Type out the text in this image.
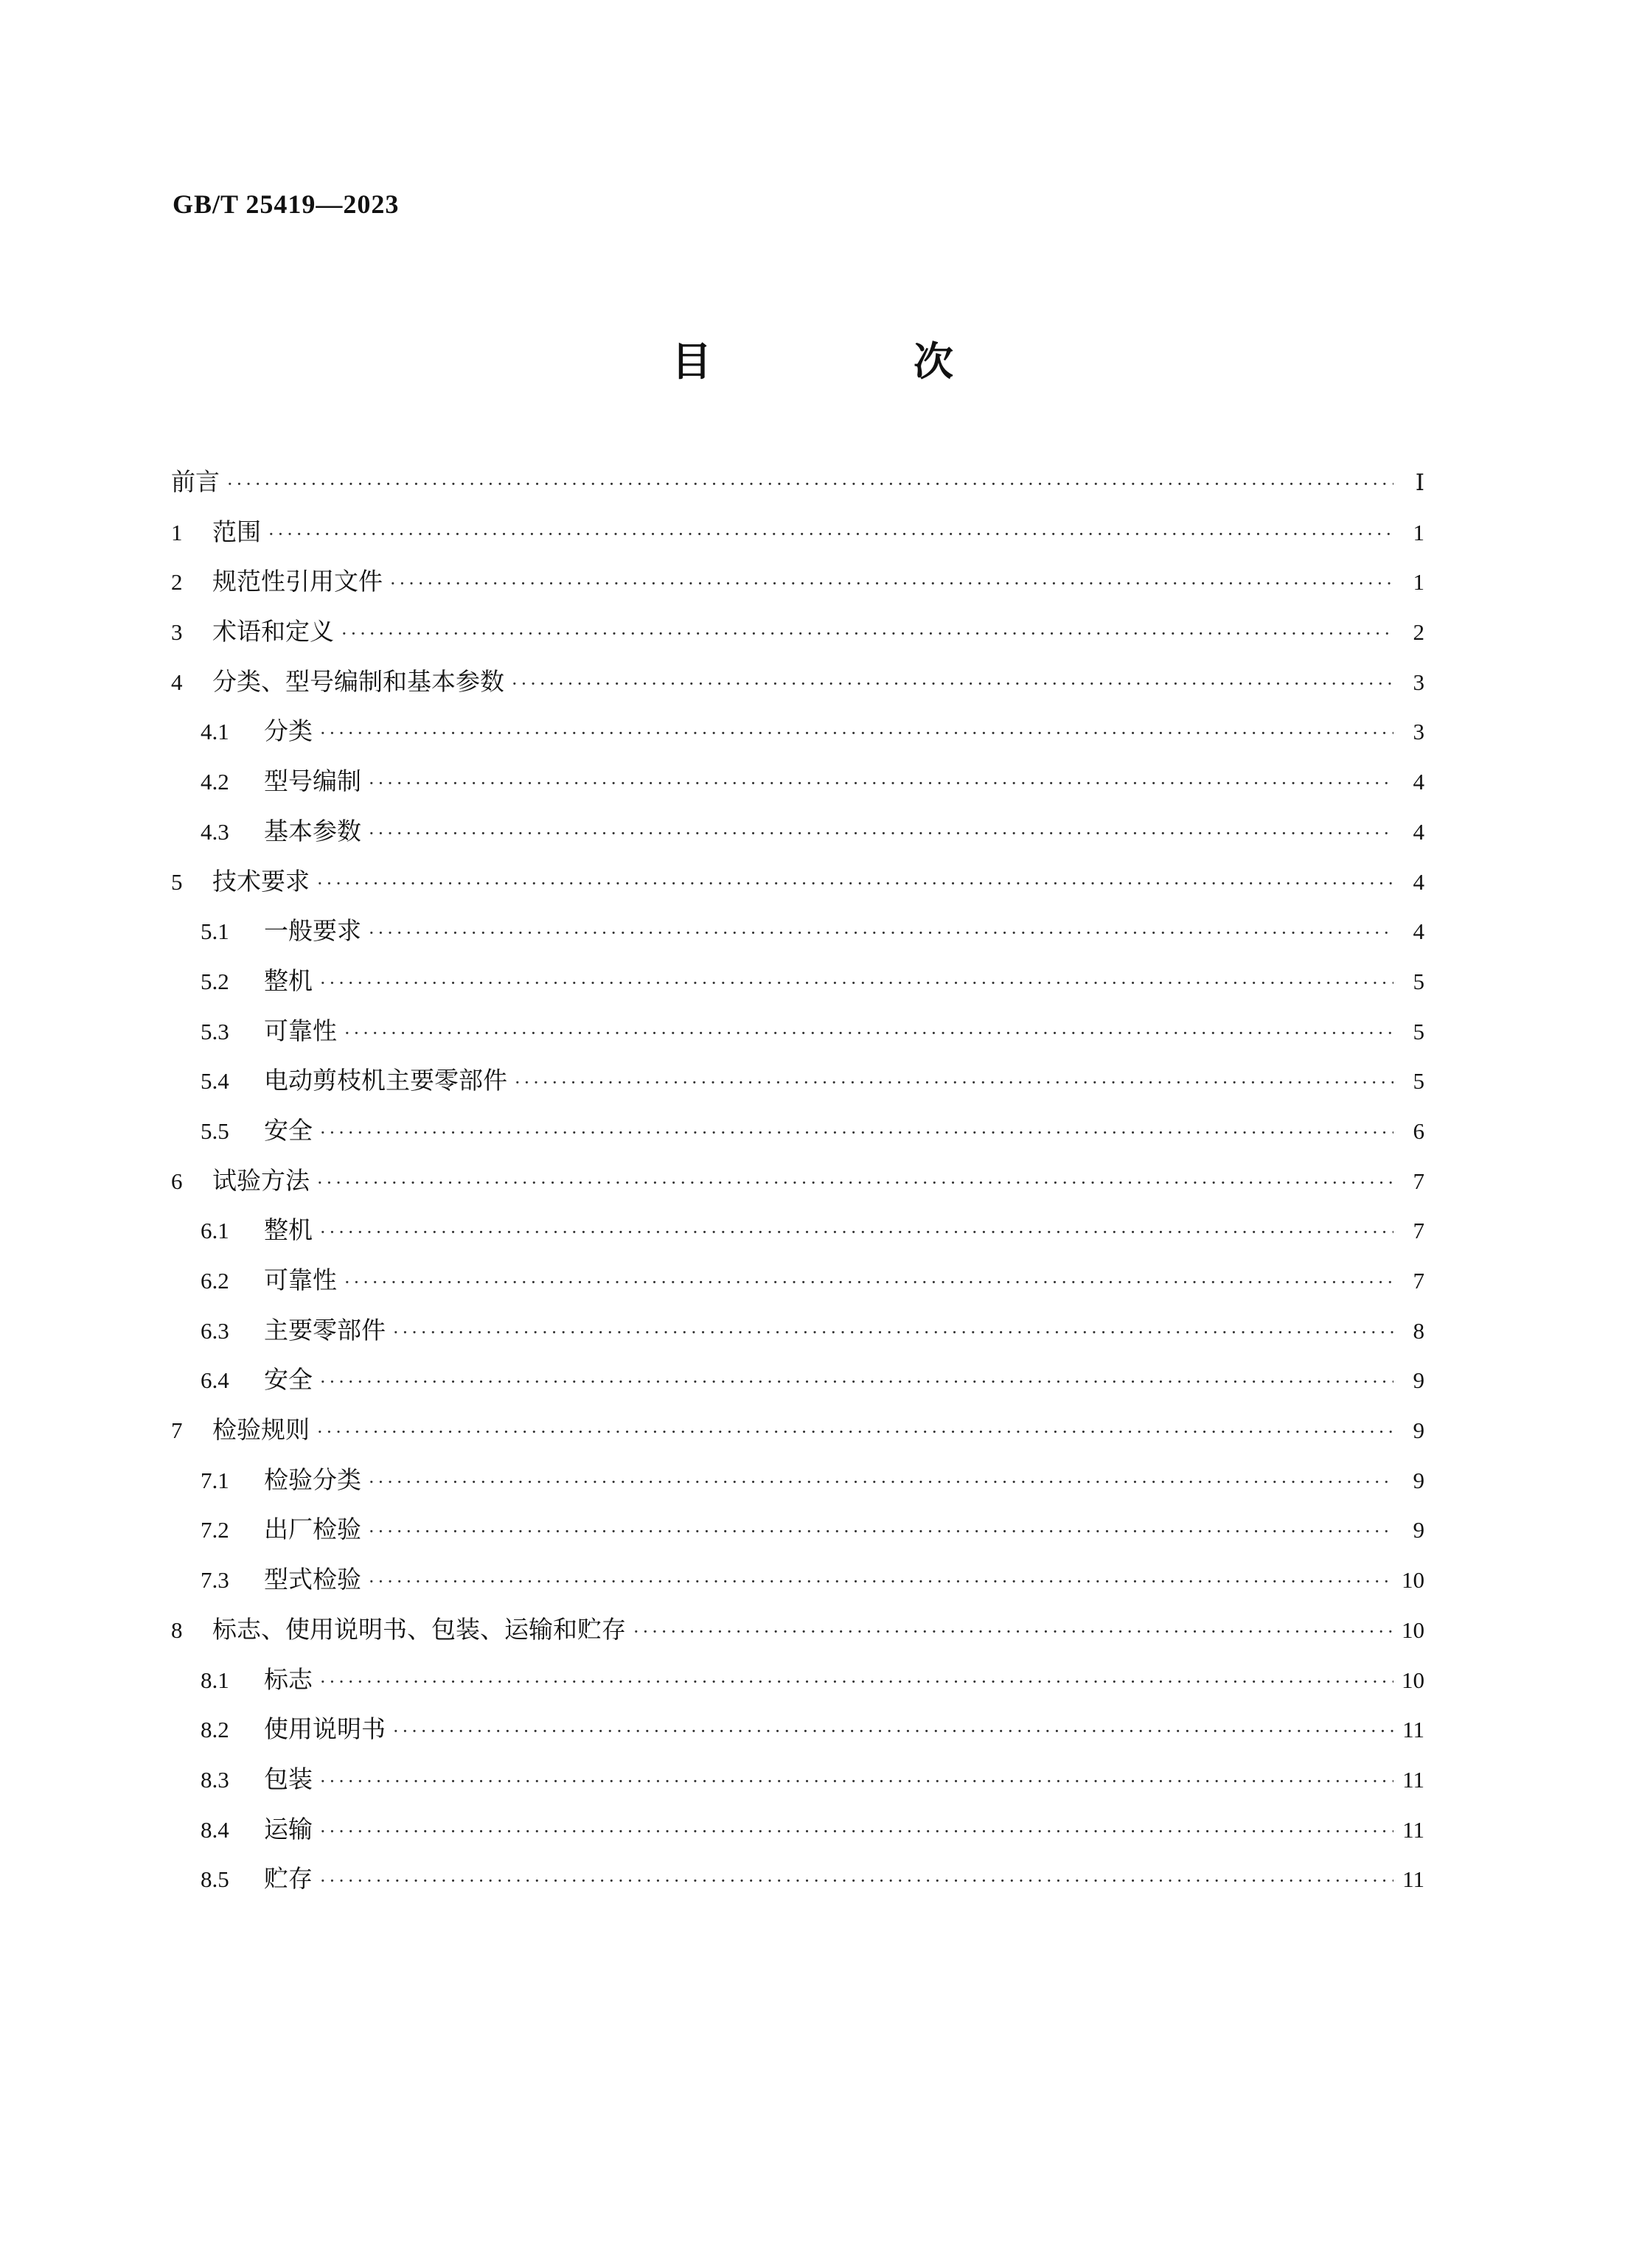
GB/T 25419—2023
目　次
前言 ·····	Ⅰ
1	范围 ·····	1
2	规范性引用文件 ·····	1
3	术语和定义 ·····	2
4	分类、型号编制和基本参数 ·····	3
4.1	分类 ·····	3
4.2	型号编制 ·····	4
4.3	基本参数 ·····	4
5	技术要求 ·····	4
5.1	一般要求 ·····	4
5.2	整机 ·····	5
5.3	可靠性 ·····	5
5.4	电动剪枝机主要零部件 ·····	5
5.5	安全 ·····	6
6	试验方法 ·····	7
6.1	整机 ·····	7
6.2	可靠性 ·····	7
6.3	主要零部件 ·····	8
6.4	安全 ·····	9
7	检验规则 ·····	9
7.1	检验分类 ·····	9
7.2	出厂检验 ·····	9
7.3	型式检验 ·····	10
8	标志、使用说明书、包装、运输和贮存 ·····	10
8.1	标志 ·····	10
8.2	使用说明书 ·····	11
8.3	包装 ·····	11
8.4	运输 ·····	11
8.5	贮存 ·····	11
